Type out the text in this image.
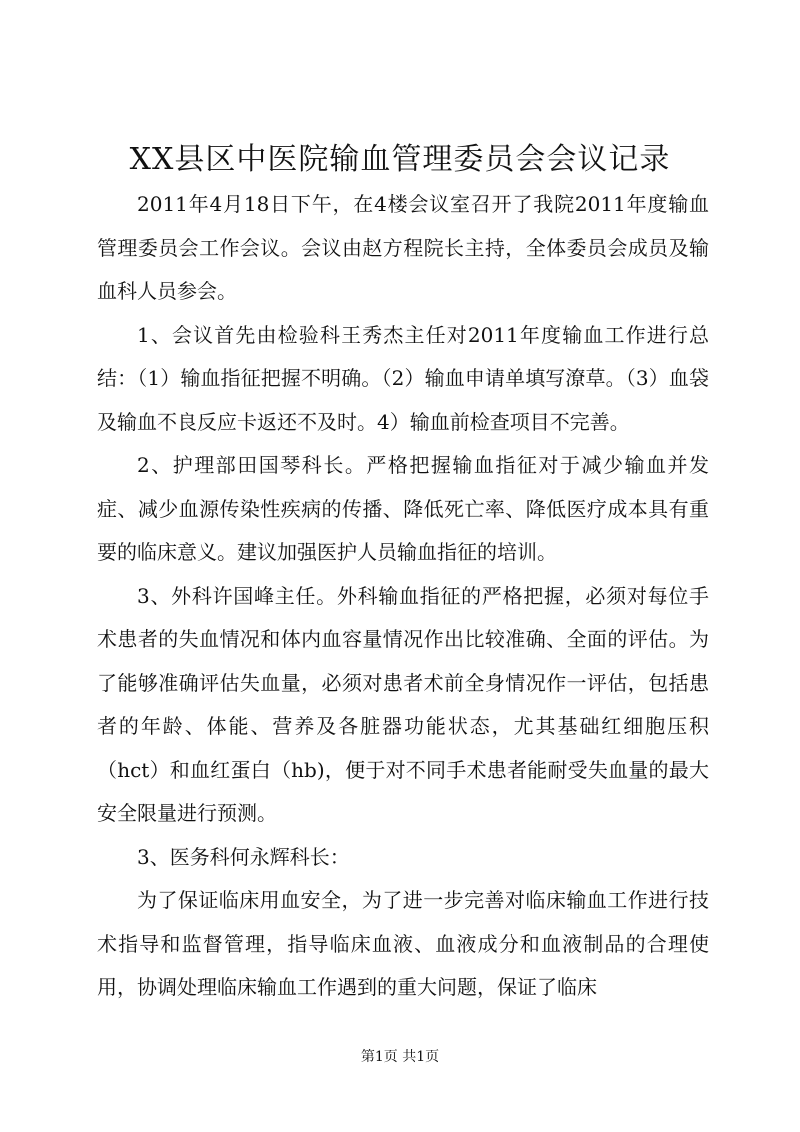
XX县区中医院输血管理委员会会议记录

2011年4月18日下午，在4楼会议室召开了我院2011年度输血管理委员会工作会议。会议由赵方程院长主持，全体委员会成员及输血科人员参会。

1、会议首先由检验科王秀杰主任对2011年度输血工作进行总结：（1）输血指征把握不明确。（2）输血申请单填写潦草。（3）血袋及输血不良反应卡返还不及时。4）输血前检查项目不完善。

2、护理部田国琴科长。严格把握输血指征对于减少输血并发症、减少血源传染性疾病的传播、降低死亡率、降低医疗成本具有重要的临床意义。建议加强医护人员输血指征的培训。

3、外科许国峰主任。外科输血指征的严格把握，必须对每位手术患者的失血情况和体内血容量情况作出比较准确、全面的评估。为了能够准确评估失血量，必须对患者术前全身情况作一评估，包括患者的年龄、体能、营养及各脏器功能状态，尤其基础红细胞压积（hct）和血红蛋白（hb)，便于对不同手术患者能耐受失血量的最大安全限量进行预测。

3、医务科何永辉科长：

为了保证临床用血安全，为了进一步完善对临床输血工作进行技术指导和监督管理，指导临床血液、血液成分和血液制品的合理使用，协调处理临床输血工作遇到的重大问题，保证了临床

第1页 共1页
